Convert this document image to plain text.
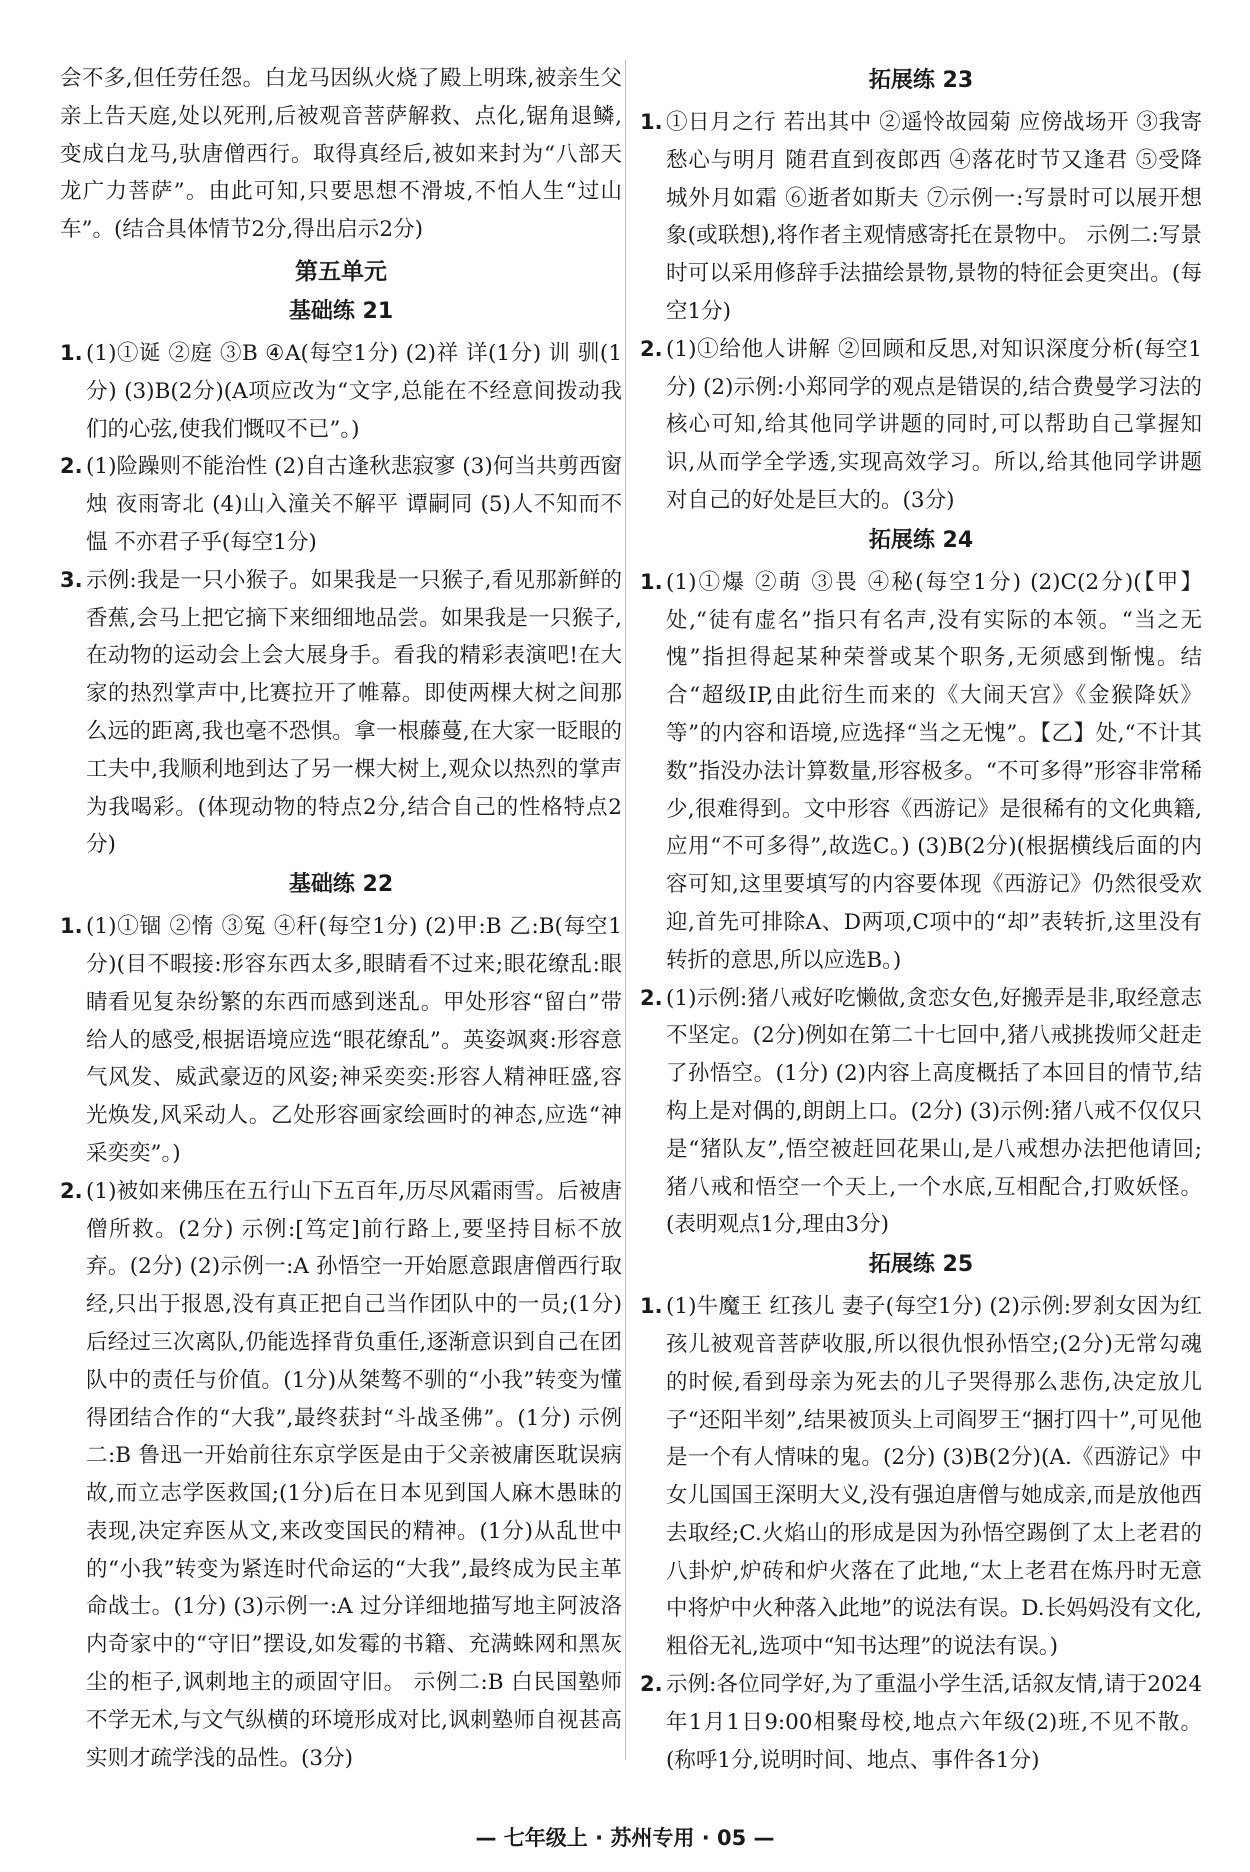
会不多,但任劳任怨。白龙马因纵火烧了殿上明珠,被亲生父亲上告天庭,处以死刑,后被观音菩萨解救、点化,锯角退鳞,变成白龙马,驮唐僧西行。取得真经后,被如来封为“八部天龙广力菩萨”。由此可知,只要思想不滑坡,不怕人生“过山车”。(结合具体情节2分,得出启示2分)

第五单元
基础练 21
1. (1)①诞 ②庭 ③B ④A(每空1分) (2)祥 详(1分) 训 驯(1分) (3)B(2分)(A项应改为“文字,总能在不经意间拨动我们的心弦,使我们慨叹不已”。)

2. (1)险躁则不能治性 (2)自古逢秋悲寂寥 (3)何当共剪西窗烛 夜雨寄北 (4)山入潼关不解平 谭嗣同 (5)人不知而不愠 不亦君子乎(每空1分)

3. 示例:我是一只小猴子。如果我是一只猴子,看见那新鲜的香蕉,会马上把它摘下来细细地品尝。如果我是一只猴子,在动物的运动会上会大展身手。看我的精彩表演吧!在大家的热烈掌声中,比赛拉开了帷幕。即使两棵大树之间那么远的距离,我也毫不恐惧。拿一根藤蔓,在大家一眨眼的工夫中,我顺利地到达了另一棵大树上,观众以热烈的掌声为我喝彩。(体现动物的特点2分,结合自己的性格特点2分)

基础练 22
1. (1)①锢 ②惰 ③冤 ④秆(每空1分) (2)甲:B 乙:B(每空1分)(目不暇接:形容东西太多,眼睛看不过来;眼花缭乱:眼睛看见复杂纷繁的东西而感到迷乱。甲处形容“留白”带给人的感受,根据语境应选“眼花缭乱”。英姿飒爽:形容意气风发、威武豪迈的风姿;神采奕奕:形容人精神旺盛,容光焕发,风采动人。乙处形容画家绘画时的神态,应选“神采奕奕”。)

2. (1)被如来佛压在五行山下五百年,历尽风霜雨雪。后被唐僧所救。(2分) 示例:[笃定]前行路上,要坚持目标不放弃。(2分) (2)示例一:A 孙悟空一开始愿意跟唐僧西行取经,只出于报恩,没有真正把自己当作团队中的一员;(1分)后经过三次离队,仍能选择背负重任,逐渐意识到自己在团队中的责任与价值。(1分)从桀骜不驯的“小我”转变为懂得团结合作的“大我”,最终获封“斗战圣佛”。(1分) 示例二:B 鲁迅一开始前往东京学医是由于父亲被庸医耽误病故,而立志学医救国;(1分)后在日本见到国人麻木愚昧的表现,决定弃医从文,来改变国民的精神。(1分)从乱世中的“小我”转变为紧连时代命运的“大我”,最终成为民主革命战士。(1分) (3)示例一:A 过分详细地描写地主阿波洛内奇家中的“守旧”摆设,如发霉的书籍、充满蛛网和黑灰尘的柜子,讽刺地主的顽固守旧。 示例二:B 白民国塾师不学无术,与文气纵横的环境形成对比,讽刺塾师自视甚高实则才疏学浅的品性。(3分)

拓展练 23
1. ①日月之行 若出其中 ②遥怜故园菊 应傍战场开 ③我寄愁心与明月 随君直到夜郎西 ④落花时节又逢君 ⑤受降城外月如霜 ⑥逝者如斯夫 ⑦示例一:写景时可以展开想象(或联想),将作者主观情感寄托在景物中。 示例二:写景时可以采用修辞手法描绘景物,景物的特征会更突出。(每空1分)

2. (1)①给他人讲解 ②回顾和反思,对知识深度分析(每空1分) (2)示例:小郑同学的观点是错误的,结合费曼学习法的核心可知,给其他同学讲题的同时,可以帮助自己掌握知识,从而学全学透,实现高效学习。所以,给其他同学讲题对自己的好处是巨大的。(3分)

拓展练 24
1. (1)①爆 ②萌 ③畏 ④秘(每空1分) (2)C(2分)(【甲】处,“徒有虚名”指只有名声,没有实际的本领。“当之无愧”指担得起某种荣誉或某个职务,无须感到惭愧。结合“超级IP,由此衍生而来的《大闹天宫》《金猴降妖》等”的内容和语境,应选择“当之无愧”。【乙】处,“不计其数”指没办法计算数量,形容极多。“不可多得”形容非常稀少,很难得到。文中形容《西游记》是很稀有的文化典籍,应用“不可多得”,故选C。) (3)B(2分)(根据横线后面的内容可知,这里要填写的内容要体现《西游记》仍然很受欢迎,首先可排除A、D两项,C项中的“却”表转折,这里没有转折的意思,所以应选B。)

2. (1)示例:猪八戒好吃懒做,贪恋女色,好搬弄是非,取经意志不坚定。(2分)例如在第二十七回中,猪八戒挑拨师父赶走了孙悟空。(1分) (2)内容上高度概括了本回目的情节,结构上是对偶的,朗朗上口。(2分) (3)示例:猪八戒不仅仅只是“猪队友”,悟空被赶回花果山,是八戒想办法把他请回;猪八戒和悟空一个天上,一个水底,互相配合,打败妖怪。(表明观点1分,理由3分)

拓展练 25
1. (1)牛魔王 红孩儿 妻子(每空1分) (2)示例:罗刹女因为红孩儿被观音菩萨收服,所以很仇恨孙悟空;(2分)无常勾魂的时候,看到母亲为死去的儿子哭得那么悲伤,决定放儿子“还阳半刻”,结果被顶头上司阎罗王“捆打四十”,可见他是一个有人情味的鬼。(2分) (3)B(2分)(A.《西游记》中女儿国国王深明大义,没有强迫唐僧与她成亲,而是放他西去取经;C.火焰山的形成是因为孙悟空踢倒了太上老君的八卦炉,炉砖和炉火落在了此地,“太上老君在炼丹时无意中将炉中火种落入此地”的说法有误。D.长妈妈没有文化,粗俗无礼,选项中“知书达理”的说法有误。)

2. 示例:各位同学好,为了重温小学生活,话叙友情,请于2024年1月1日9:00相聚母校,地点六年级(2)班,不见不散。(称呼1分,说明时间、地点、事件各1分)

— 七年级上 · 苏州专用 · 05 —
